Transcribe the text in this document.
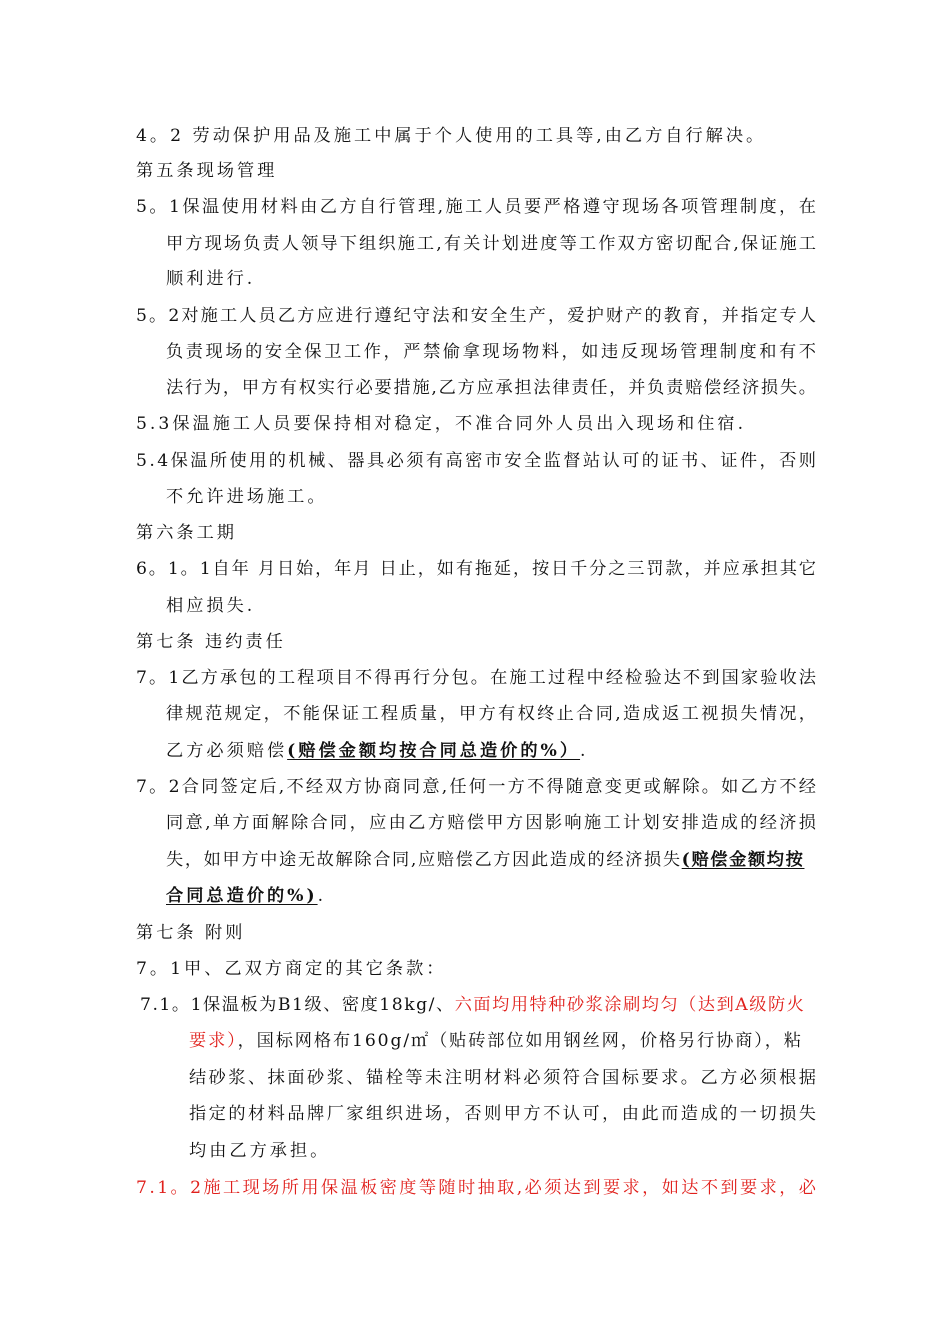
4。2 劳动保护用品及施工中属于个人使用的工具等,由乙方自行解决。
第五条现场管理
5。1保温使用材料由乙方自行管理,施工人员要严格遵守现场各项管理制度，在
甲方现场负责人领导下组织施工,有关计划进度等工作双方密切配合,保证施工
顺利进行.
5。2对施工人员乙方应进行遵纪守法和安全生产，爱护财产的教育，并指定专人
负责现场的安全保卫工作，严禁偷拿现场物料，如违反现场管理制度和有不
法行为，甲方有权实行必要措施,乙方应承担法律责任，并负责赔偿经济损失。
5.3保温施工人员要保持相对稳定，不准合同外人员出入现场和住宿.
5.4保温所使用的机械、器具必须有高密市安全监督站认可的证书、证件，否则
不允许进场施工。
第六条工期
6。1。1自年 月日始，年月 日止，如有拖延，按日千分之三罚款，并应承担其它
相应损失.
第七条 违约责任
7。1乙方承包的工程项目不得再行分包。在施工过程中经检验达不到国家验收法
律规范规定，不能保证工程质量，甲方有权终止合同,造成返工视损失情况，
乙方必须赔偿(赔偿金额均按合同总造价的%）.
7。2合同签定后,不经双方协商同意,任何一方不得随意变更或解除。如乙方不经
同意,单方面解除合同，应由乙方赔偿甲方因影响施工计划安排造成的经济损
失，如甲方中途无故解除合同,应赔偿乙方因此造成的经济损失(赔偿金额均按
合同总造价的%).
第七条 附则
7。1甲、乙双方商定的其它条款：
7.1。1保温板为B1级、密度18kg/、六面均用特种砂浆涂刷均匀（达到A级防火
要求），国标网格布160g/㎡（贴砖部位如用钢丝网，价格另行协商），粘
结砂浆、抹面砂浆、锚栓等未注明材料必须符合国标要求。乙方必须根据
指定的材料品牌厂家组织进场，否则甲方不认可，由此而造成的一切损失
均由乙方承担。
7.1。2施工现场所用保温板密度等随时抽取,必须达到要求，如达不到要求，必
